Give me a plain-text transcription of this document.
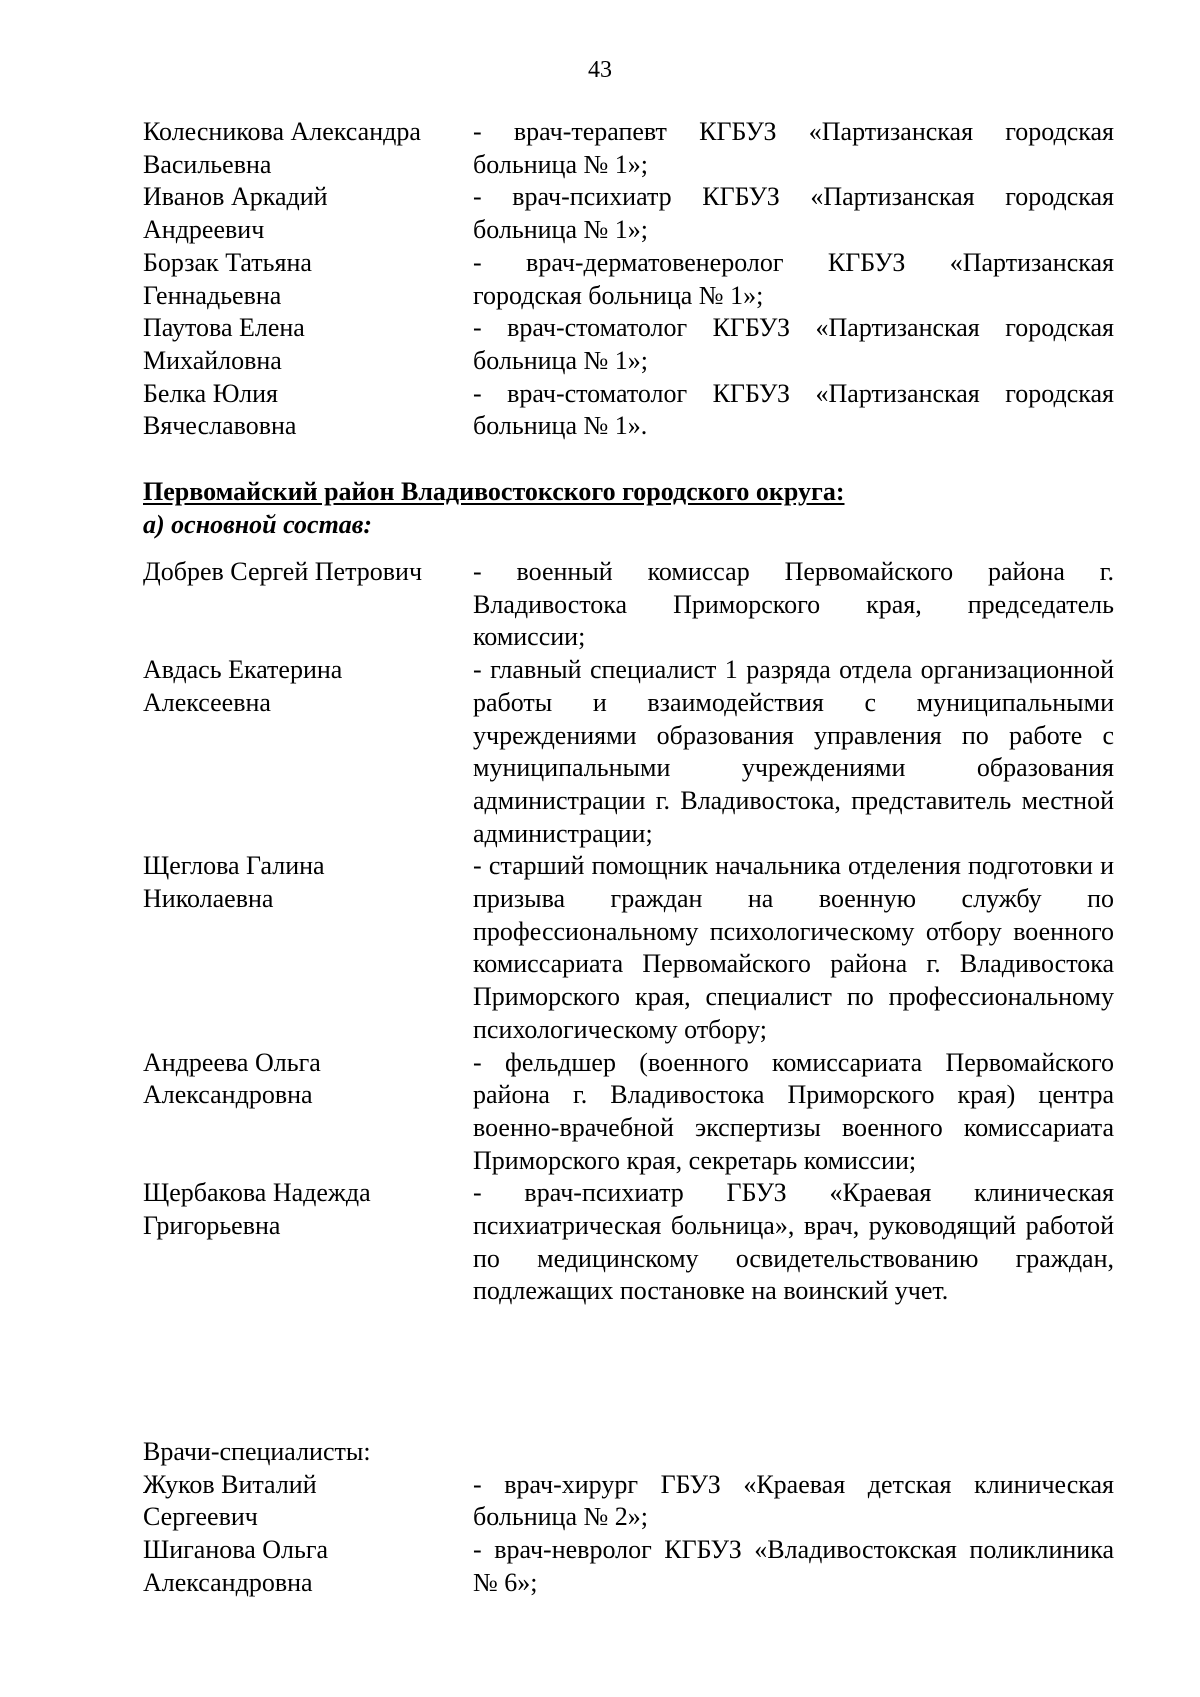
43
Колесникова Александра
Васильевна
- врач-терапевт КГБУЗ «Партизанская городская больница № 1»;
Иванов Аркадий
Андреевич
- врач-психиатр КГБУЗ «Партизанская городская больница № 1»;
Борзак Татьяна
Геннадьевна
- врач-дерматовенеролог КГБУЗ «Партизанская городская больница № 1»;
Паутова Елена
Михайловна
- врач-стоматолог КГБУЗ «Партизанская городская больница № 1»;
Белка Юлия
Вячеславовна
- врач-стоматолог КГБУЗ «Партизанская городская больница № 1».
Первомайский район Владивостокского городского округа:
а) основной состав:
Добрев Сергей Петрович	- военный комиссар Первомайского района г. Владивостока Приморского края, председатель комиссии;
Авдась Екатерина
Алексеевна
- главный специалист 1 разряда отдела организационной работы и взаимодействия с муниципальными учреждениями образования управления по работе с муниципальными учреждениями образования администрации г. Владивостока, представитель местной администрации;
Щеглова Галина
Николаевна
- старший помощник начальника отделения подготовки и призыва граждан на военную службу по профессиональному психологическому отбору военного комиссариата Первомайского района г. Владивостока Приморского края, специалист по профессиональному психологическому отбору;
Андреева Ольга
Александровна
- фельдшер (военного комиссариата Первомайского района г. Владивостока Приморского края) центра военно-врачебной экспертизы военного комиссариата Приморского края, секретарь комиссии;
Щербакова Надежда
Григорьевна
- врач-психиатр ГБУЗ «Краевая клиническая психиатрическая больница», врач, руководящий работой по медицинскому освидетельствованию граждан, подлежащих постановке на воинский учет.
Врачи-специалисты:
Жуков Виталий
Сергеевич
- врач-хирург ГБУЗ «Краевая детская клиническая больница № 2»;
Шиганова Ольга
Александровна
- врач-невролог КГБУЗ «Владивостокская поликлиника № 6»;
